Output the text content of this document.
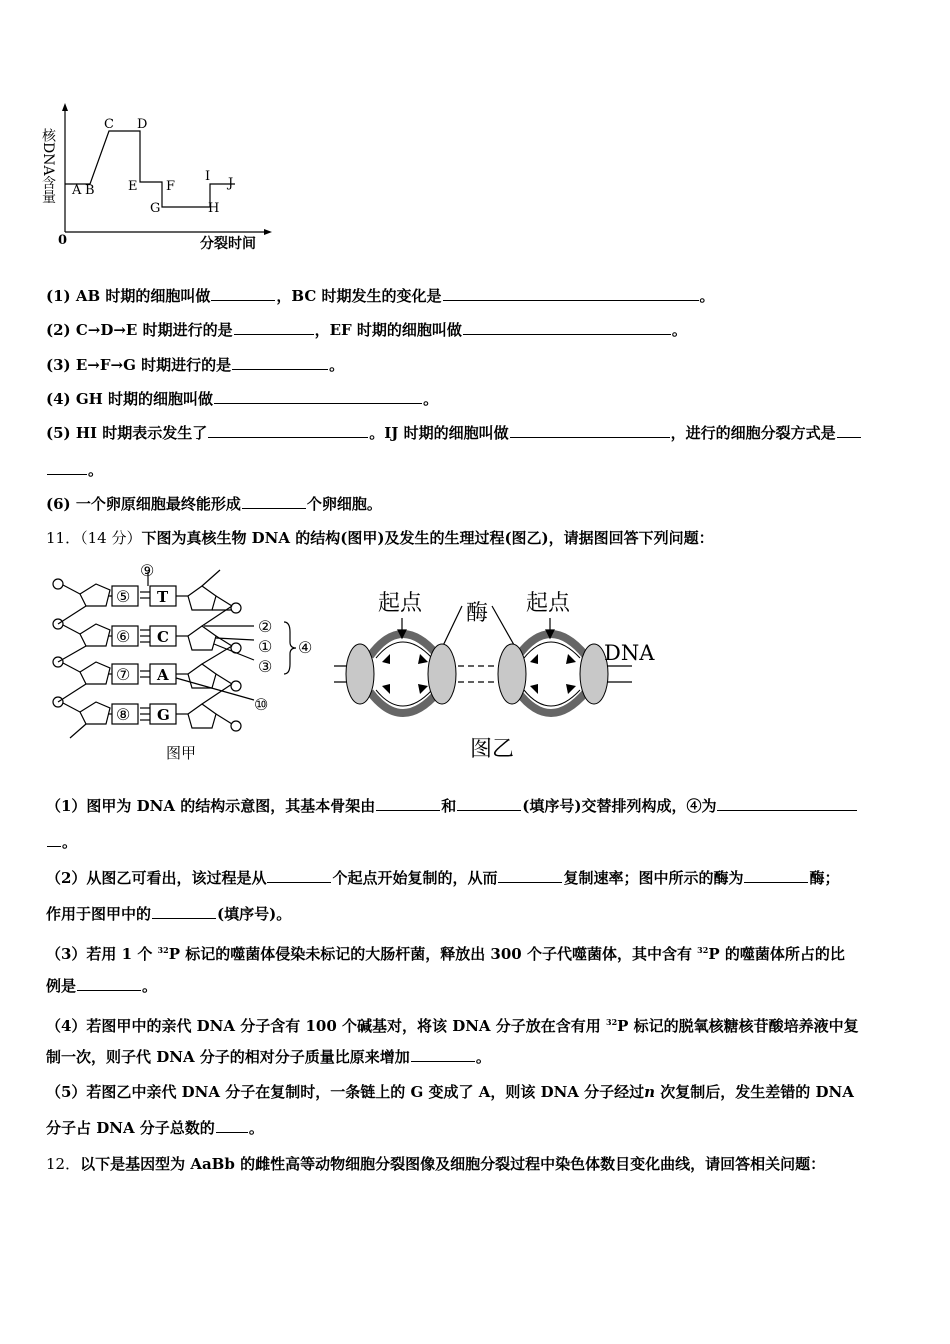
核DNA含量
0	分裂时间
A B
C D
E F
G	H
I J
(1) AB 时期的细胞叫做	，BC 时期发生的变化是	。
(2) C→D→E 时期进行的是	，EF 时期的细胞叫做	。
(3) E→F→G 时期进行的是	。
(4) GH 时期的细胞叫做	。
(5) HI 时期表示发生了	。IJ 时期的细胞叫做	，进行的细胞分裂方式是
。
(6) 一个卵原细胞最终能形成	个卵细胞。
11．（14 分）下图为真核生物 DNA 的结构(图甲)及发生的生理过程(图乙)，请据图回答下列问题：
⑨
⑤ T
⑥ C
⑦ A
⑧ G
②
①
③
④
⑩
图甲
起点 酶 起点
DNA
图乙
（1）图甲为 DNA 的结构示意图，其基本骨架由	和	(填序号)交替排列构成，④为
。
（2）从图乙可看出，该过程是从	个起点开始复制的，从而	复制速率；图中所示的酶为	酶；
作用于图甲中的	(填序号)。
（3）若用 1 个 $^{32}$P 标记的噬菌体侵染未标记的大肠杆菌，释放出 300 个子代噬菌体，其中含有 $^{32}$P 的噬菌体所占的比
例是	。
（4）若图甲中的亲代 DNA 分子含有 100 个碱基对，将该 DNA 分子放在含有用 $^{32}$P 标记的脱氧核糖核苷酸培养液中复
制一次，则子代 DNA 分子的相对分子质量比原来增加	。
（5）若图乙中亲代 DNA 分子在复制时，一条链上的 G 变成了 A，则该 DNA 分子经过n 次复制后，发生差错的 DNA
分子占 DNA 分子总数的 。
12．以下是基因型为 AaBb 的雌性高等动物细胞分裂图像及细胞分裂过程中染色体数目变化曲线，请回答相关问题：
